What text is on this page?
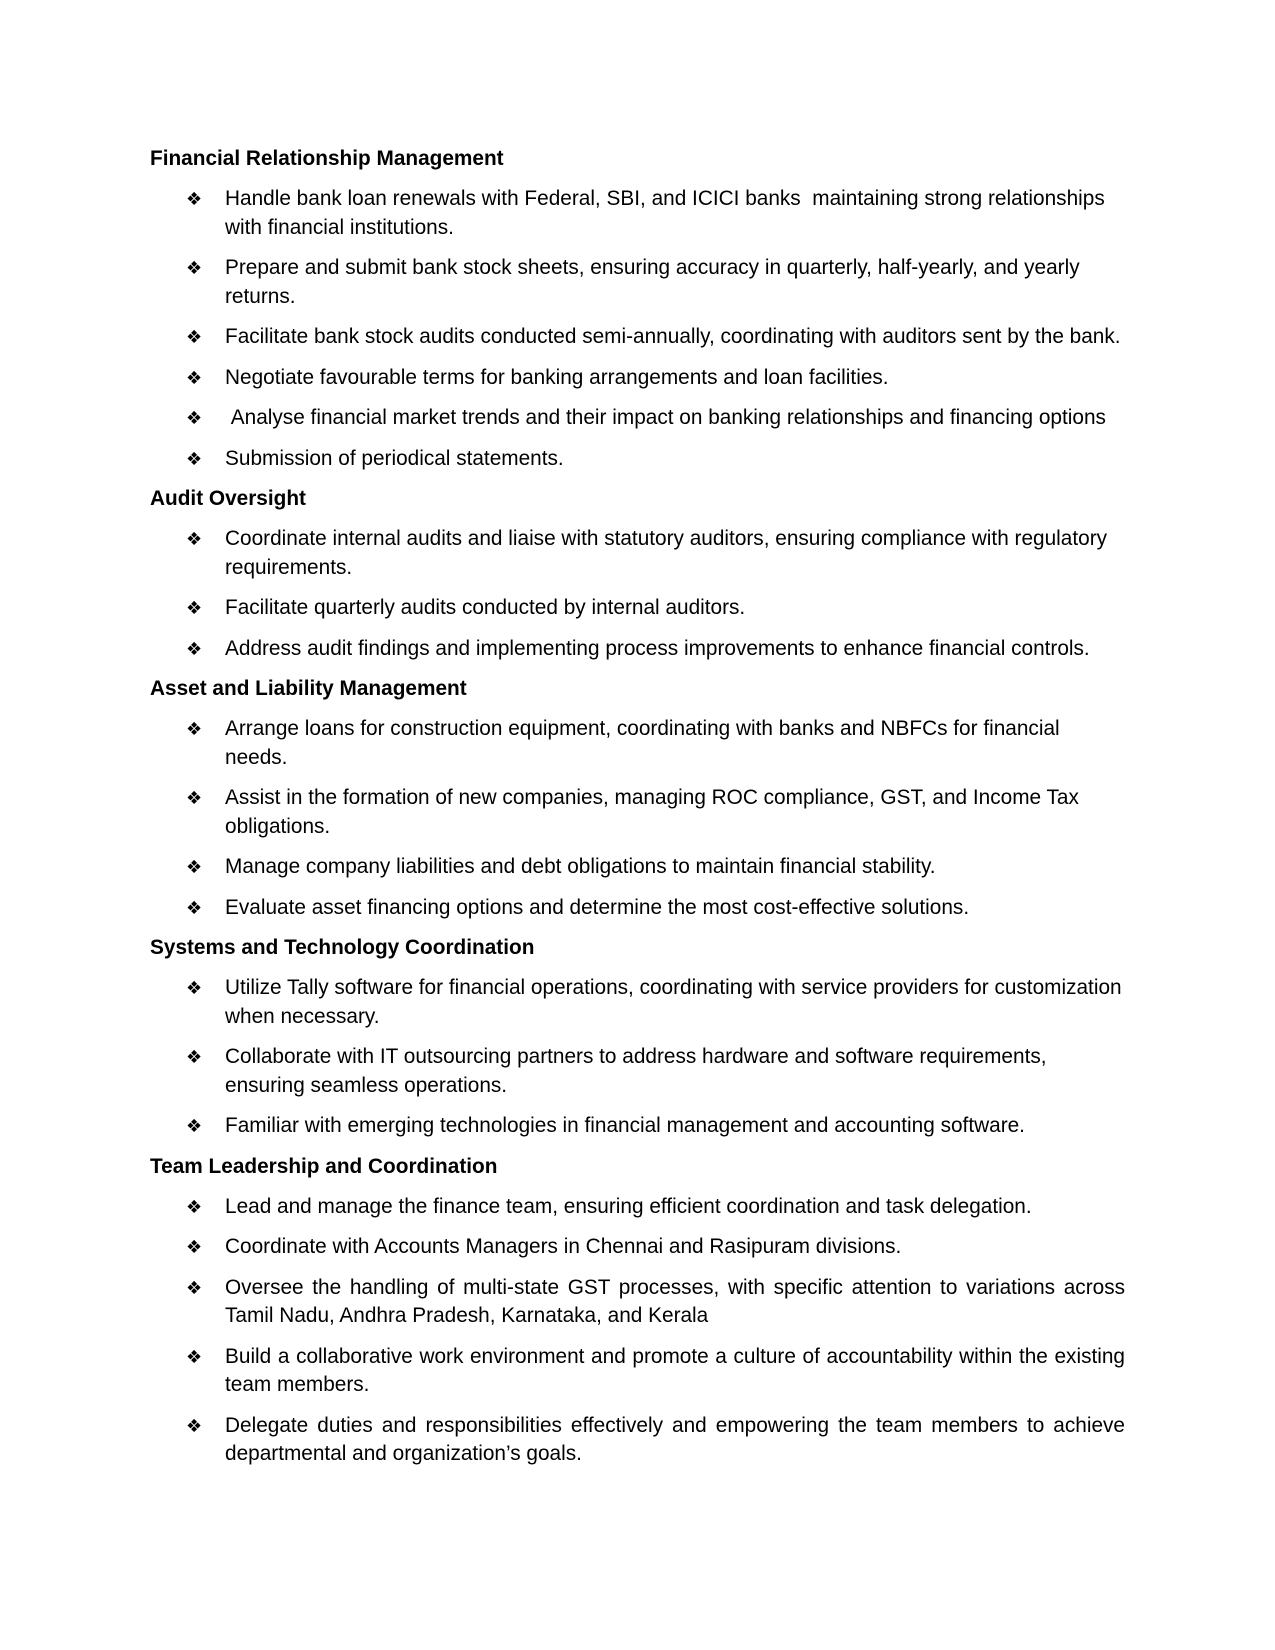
Financial Relationship Management
❖ Handle bank loan renewals with Federal, SBI, and ICICI banks  maintaining strong relationships with financial institutions.

❖ Prepare and submit bank stock sheets, ensuring accuracy in quarterly, half-yearly, and yearly returns.

❖ Facilitate bank stock audits conducted semi-annually, coordinating with auditors sent by the bank.

❖ Negotiate favourable terms for banking arrangements and loan facilities.

❖ Analyse financial market trends and their impact on banking relationships and financing options

❖ Submission of periodical statements.

Audit Oversight
❖ Coordinate internal audits and liaise with statutory auditors, ensuring compliance with regulatory requirements.

❖ Facilitate quarterly audits conducted by internal auditors.

❖ Address audit findings and implementing process improvements to enhance financial controls.

Asset and Liability Management
❖ Arrange loans for construction equipment, coordinating with banks and NBFCs for financial needs.

❖ Assist in the formation of new companies, managing ROC compliance, GST, and Income Tax obligations.

❖ Manage company liabilities and debt obligations to maintain financial stability.

❖ Evaluate asset financing options and determine the most cost-effective solutions.

Systems and Technology Coordination
❖ Utilize Tally software for financial operations, coordinating with service providers for customization when necessary.

❖ Collaborate with IT outsourcing partners to address hardware and software requirements, ensuring seamless operations.

❖ Familiar with emerging technologies in financial management and accounting software.

Team Leadership and Coordination
❖ Lead and manage the finance team, ensuring efficient coordination and task delegation.

❖ Coordinate with Accounts Managers in Chennai and Rasipuram divisions.

❖ Oversee the handling of multi-state GST processes, with specific attention to variations across Tamil Nadu, Andhra Pradesh, Karnataka, and Kerala

❖ Build a collaborative work environment and promote a culture of accountability within the existing team members.

❖ Delegate duties and responsibilities effectively and empowering the team members to achieve departmental and organization’s goals.
